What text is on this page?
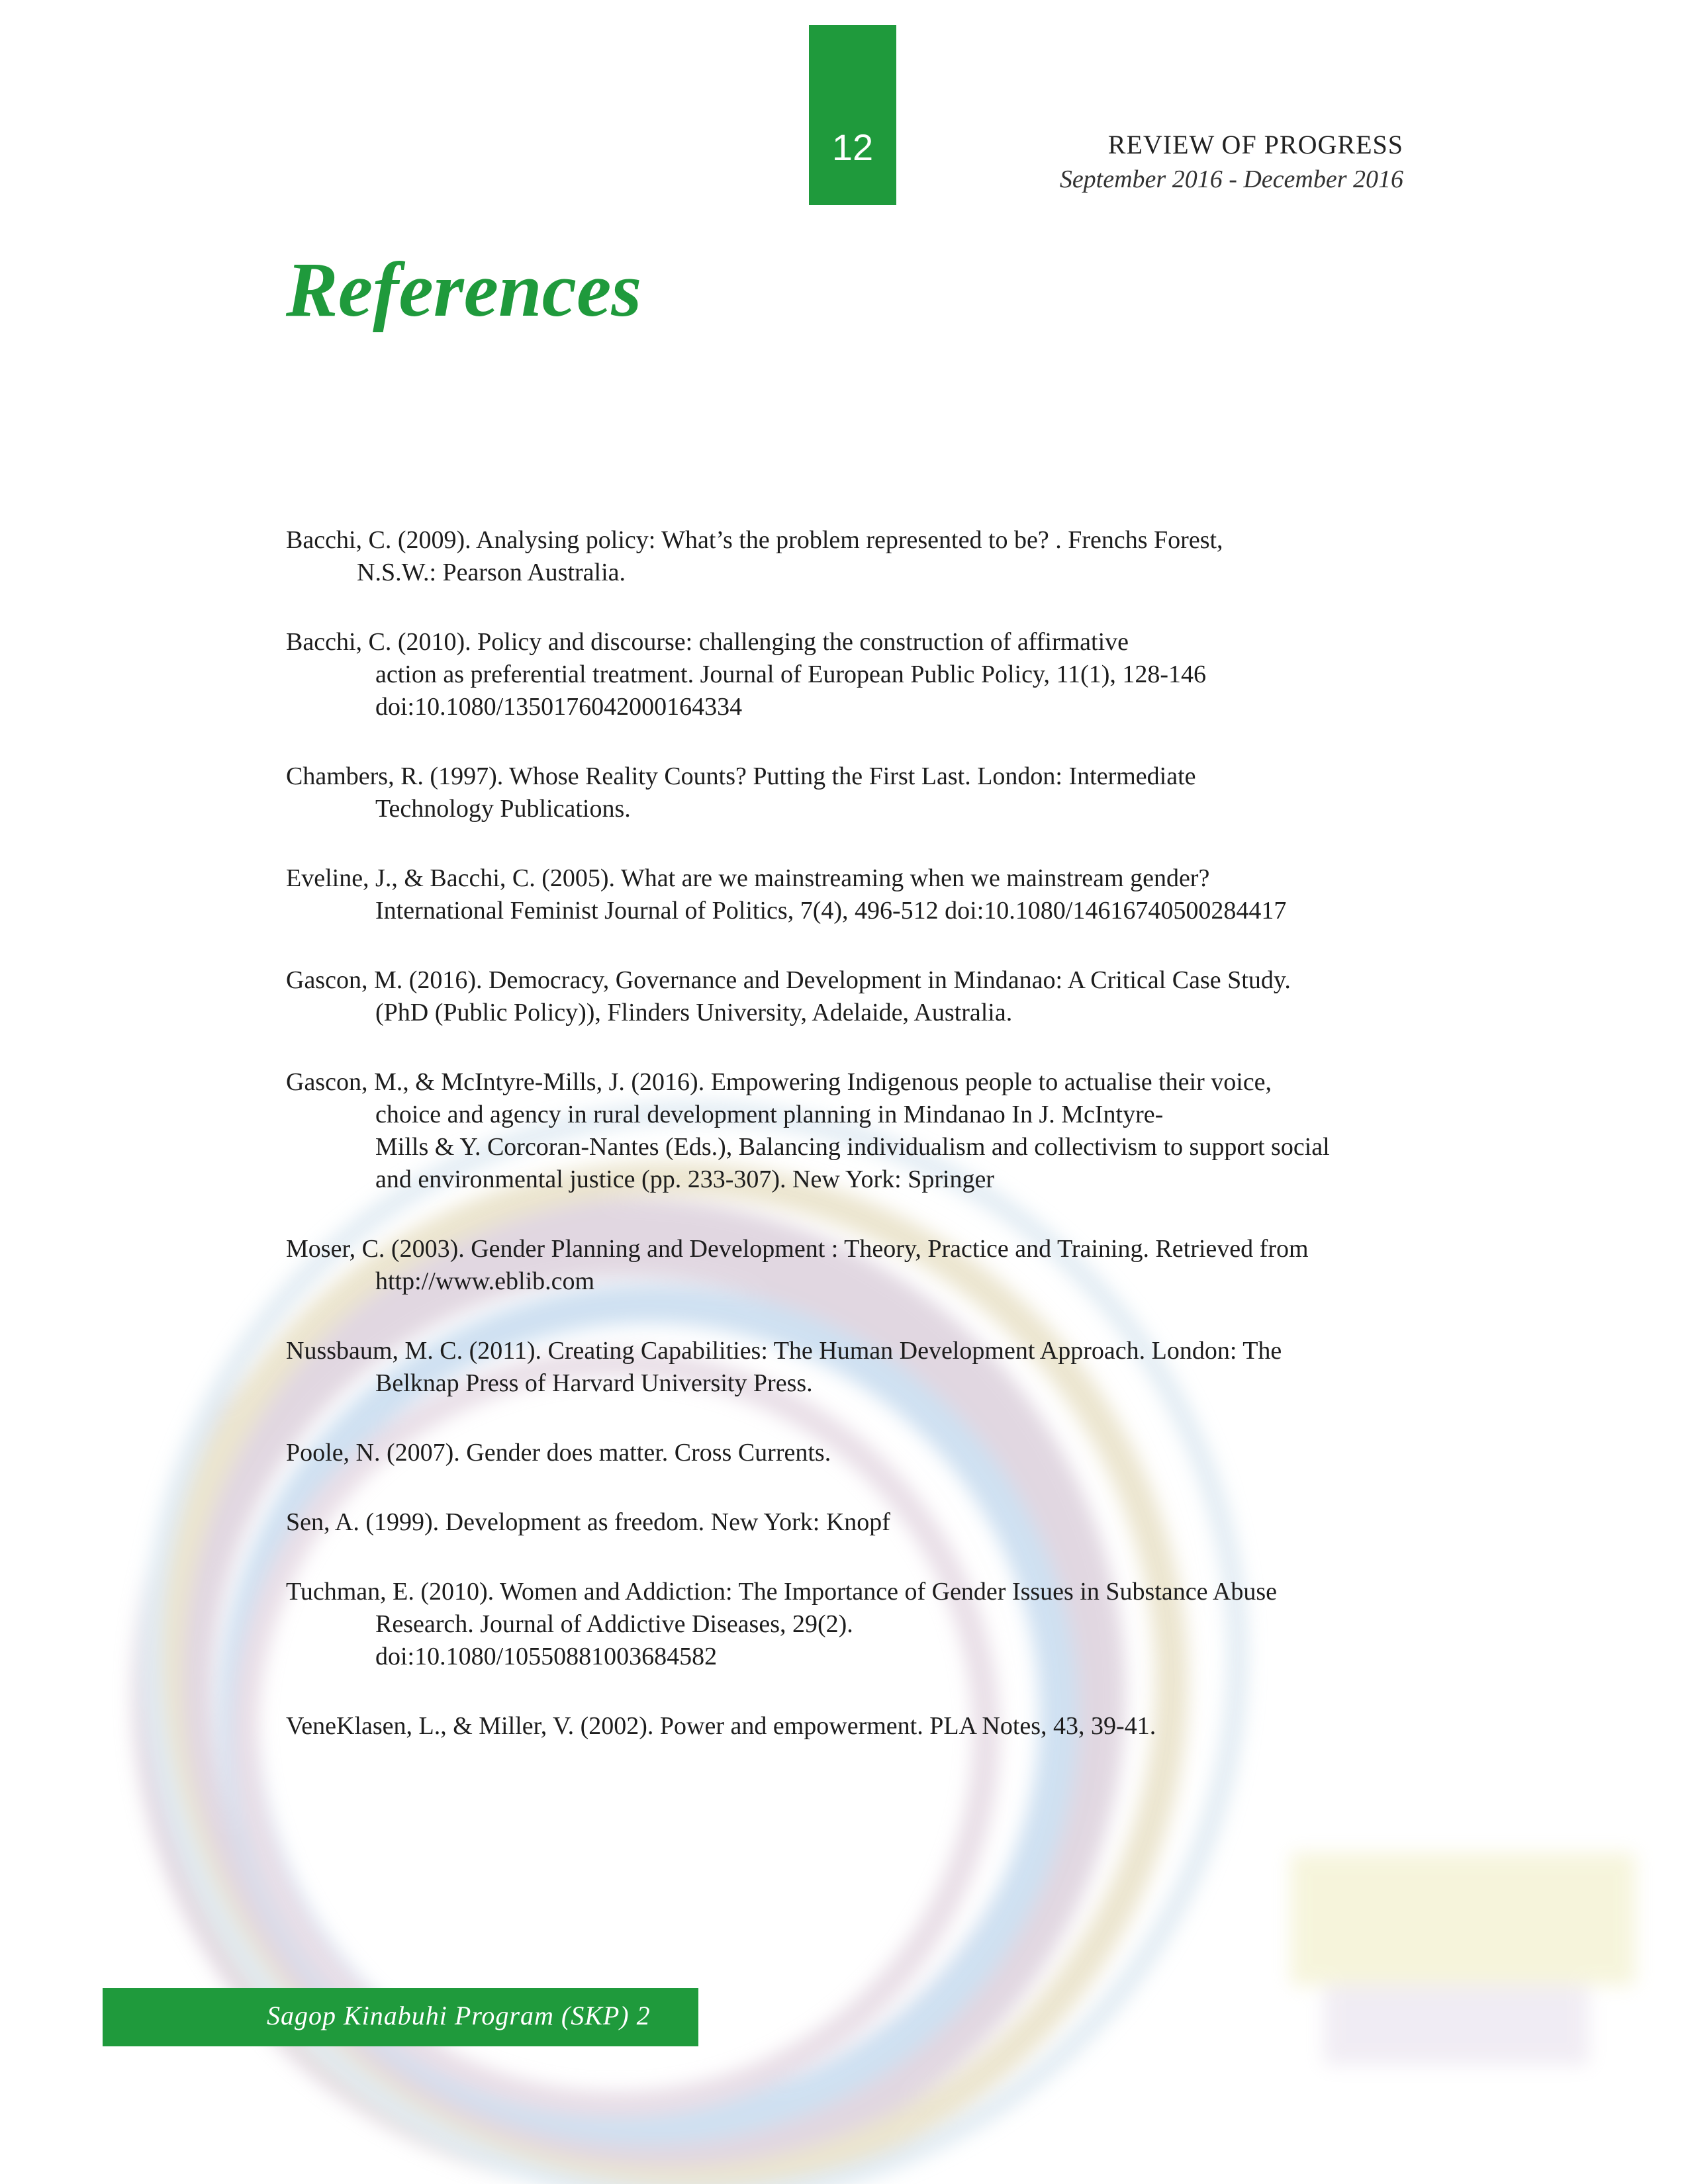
12	REVIEW OF PROGRESS
September 2016 - December 2016
References
Bacchi, C. (2009). Analysing policy: What’s the problem represented to be? . Frenchs Forest,
N.S.W.: Pearson Australia.
Bacchi, C. (2010). Policy and discourse: challenging the construction of affirmative
action as preferential treatment. Journal of European Public Policy, 11(1), 128-146
doi:10.1080/1350176042000164334
Chambers, R. (1997). Whose Reality Counts? Putting the First Last. London: Intermediate
Technology Publications.
Eveline, J., & Bacchi, C. (2005). What are we mainstreaming when we mainstream gender?
International Feminist Journal of Politics, 7(4), 496-512 doi:10.1080/14616740500284417
Gascon, M. (2016). Democracy, Governance and Development in Mindanao: A Critical Case Study.
(PhD (Public Policy)), Flinders University, Adelaide, Australia.
Gascon, M., & McIntyre-Mills, J. (2016). Empowering Indigenous people to actualise their voice,
choice and agency in rural development planning in Mindanao In J. McIntyre-
Mills & Y. Corcoran-Nantes (Eds.), Balancing individualism and collectivism to support social
and environmental justice (pp. 233-307). New York: Springer
Moser, C. (2003). Gender Planning and Development : Theory, Practice and Training. Retrieved from
http://www.eblib.com
Nussbaum, M. C. (2011). Creating Capabilities: The Human Development Approach. London: The
Belknap Press of Harvard University Press.
Poole, N. (2007). Gender does matter. Cross Currents.
Sen, A. (1999). Development as freedom. New York: Knopf
Tuchman, E. (2010). Women and Addiction: The Importance of Gender Issues in Substance Abuse
Research. Journal of Addictive Diseases, 29(2).
doi:10.1080/10550881003684582
VeneKlasen, L., & Miller, V. (2002). Power and empowerment. PLA Notes, 43, 39-41.
Sagop Kinabuhi Program (SKP) 2
